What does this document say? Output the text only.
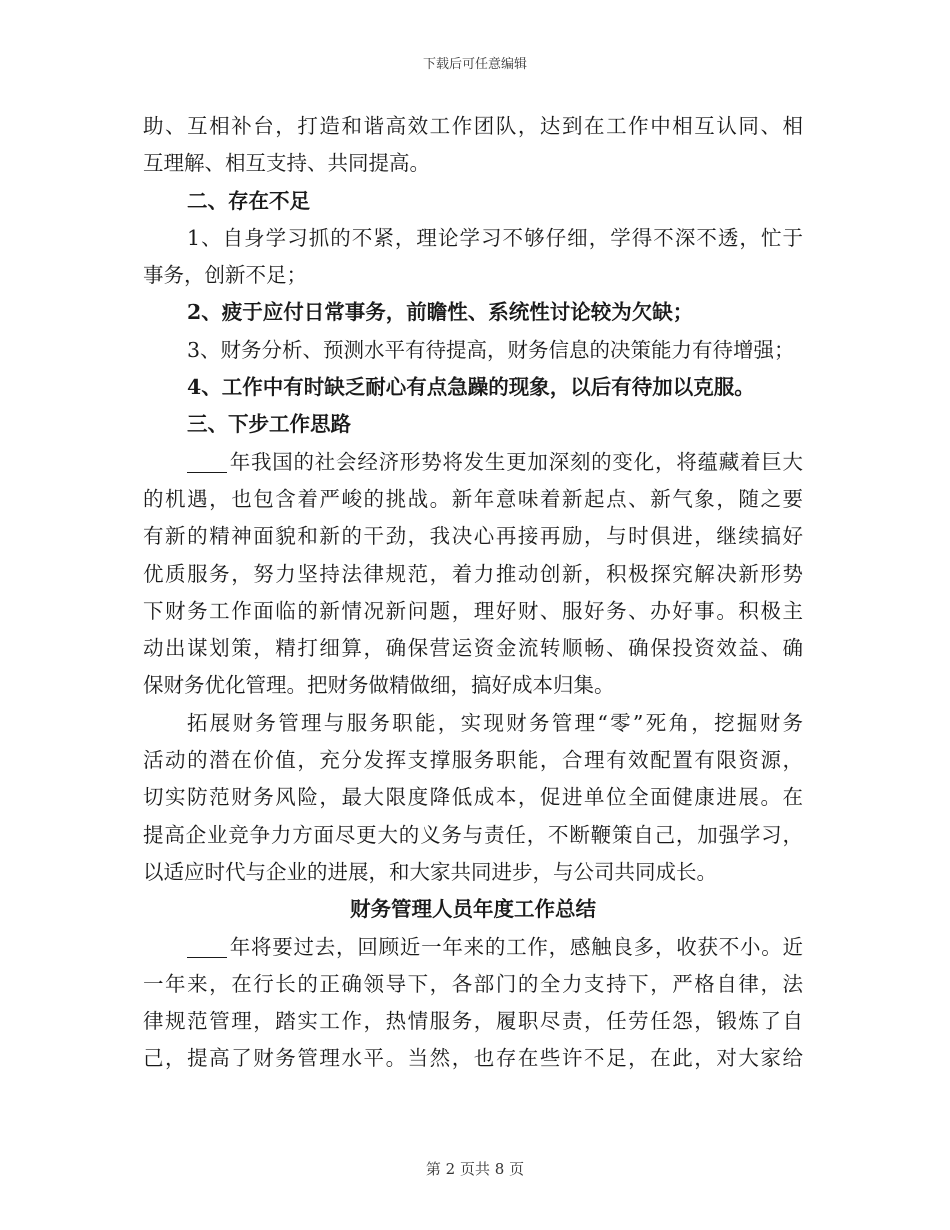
下载后可任意编辑
助、互相补台，打造和谐高效工作团队，达到在工作中相互认同、相
互理解、相互支持、共同提高。
二、存在不足
1、自身学习抓的不紧，理论学习不够仔细，学得不深不透，忙于
事务，创新不足；
2、疲于应付日常事务，前瞻性、系统性讨论较为欠缺；
3、财务分析、预测水平有待提高，财务信息的决策能力有待增强；
4、工作中有时缺乏耐心有点急躁的现象，以后有待加以克服。
三、下步工作思路
年我国的社会经济形势将发生更加深刻的变化，将蕴藏着巨大
的机遇，也包含着严峻的挑战。新年意味着新起点、新气象，随之要
有新的精神面貌和新的干劲，我决心再接再励，与时俱进，继续搞好
优质服务，努力坚持法律规范，着力推动创新，积极探究解决新形势
下财务工作面临的新情况新问题，理好财、服好务、办好事。积极主
动出谋划策，精打细算，确保营运资金流转顺畅、确保投资效益、确
保财务优化管理。把财务做精做细，搞好成本归集。
拓展财务管理与服务职能，实现财务管理“零”死角，挖掘财务
活动的潜在价值，充分发挥支撑服务职能，合理有效配置有限资源，
切实防范财务风险，最大限度降低成本，促进单位全面健康进展。在
提高企业竞争力方面尽更大的义务与责任，不断鞭策自己，加强学习，
以适应时代与企业的进展，和大家共同进步，与公司共同成长。
财务管理人员年度工作总结
年将要过去，回顾近一年来的工作，感触良多，收获不小。近
一年来，在行长的正确领导下，各部门的全力支持下，严格自律，法
律规范管理，踏实工作，热情服务，履职尽责，任劳任怨，锻炼了自
己，提高了财务管理水平。当然，也存在些许不足，在此，对大家给
第 2 页共 8 页
